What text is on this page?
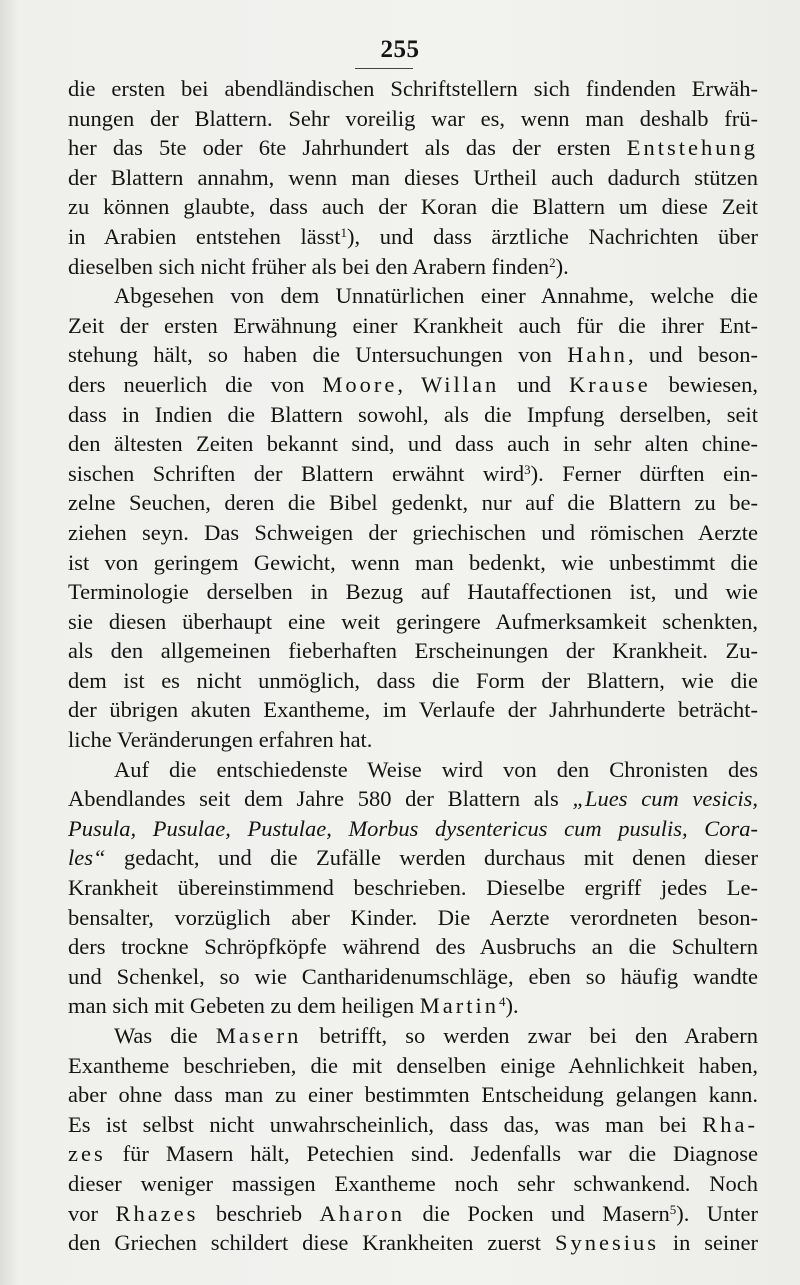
255
die ersten bei abendländischen Schriftstellern sich findenden Erwäh-
nungen der Blattern. Sehr voreilig war es, wenn man deshalb frü-
her das 5te oder 6te Jahrhundert als das der ersten Entstehung
der Blattern annahm, wenn man dieses Urtheil auch dadurch stützen
zu können glaubte, dass auch der Koran die Blattern um diese Zeit
in Arabien entstehen lässt$^1$), und dass ärztliche Nachrichten über
dieselben sich nicht früher als bei den Arabern finden$^2$).
Abgesehen von dem Unnatürlichen einer Annahme, welche die
Zeit der ersten Erwähnung einer Krankheit auch für die ihrer Ent-
stehung hält, so haben die Untersuchungen von Hahn, und beson-
ders neuerlich die von Moore, Willan und Krause bewiesen,
dass in Indien die Blattern sowohl, als die Impfung derselben, seit
den ältesten Zeiten bekannt sind, und dass auch in sehr alten chine-
sischen Schriften der Blattern erwähnt wird$^3$). Ferner dürften ein-
zelne Seuchen, deren die Bibel gedenkt, nur auf die Blattern zu be-
ziehen seyn. Das Schweigen der griechischen und römischen Aerzte
ist von geringem Gewicht, wenn man bedenkt, wie unbestimmt die
Terminologie derselben in Bezug auf Hautaffectionen ist, und wie
sie diesen überhaupt eine weit geringere Aufmerksamkeit schenkten,
als den allgemeinen fieberhaften Erscheinungen der Krankheit. Zu-
dem ist es nicht unmöglich, dass die Form der Blattern, wie die
der übrigen akuten Exantheme, im Verlaufe der Jahrhunderte beträcht-
liche Veränderungen erfahren hat.
Auf die entschiedenste Weise wird von den Chronisten des
Abendlandes seit dem Jahre 580 der Blattern als „Lues cum vesicis,
Pusula, Pusulae, Pustulae, Morbus dysentericus cum pusulis, Cora-
les“ gedacht, und die Zufälle werden durchaus mit denen dieser
Krankheit übereinstimmend beschrieben. Dieselbe ergriff jedes Le-
bensalter, vorzüglich aber Kinder. Die Aerzte verordneten beson-
ders trockne Schröpfköpfe während des Ausbruchs an die Schultern
und Schenkel, so wie Cantharidenumschläge, eben so häufig wandte
man sich mit Gebeten zu dem heiligen Martin$^4$).
Was die Masern betrifft, so werden zwar bei den Arabern
Exantheme beschrieben, die mit denselben einige Aehnlichkeit haben,
aber ohne dass man zu einer bestimmten Entscheidung gelangen kann.
Es ist selbst nicht unwahrscheinlich, dass das, was man bei Rha-
zes für Masern hält, Petechien sind. Jedenfalls war die Diagnose
dieser weniger massigen Exantheme noch sehr schwankend. Noch
vor Rhazes beschrieb Aharon die Pocken und Masern$^5$). Unter
den Griechen schildert diese Krankheiten zuerst Synesius in seiner
